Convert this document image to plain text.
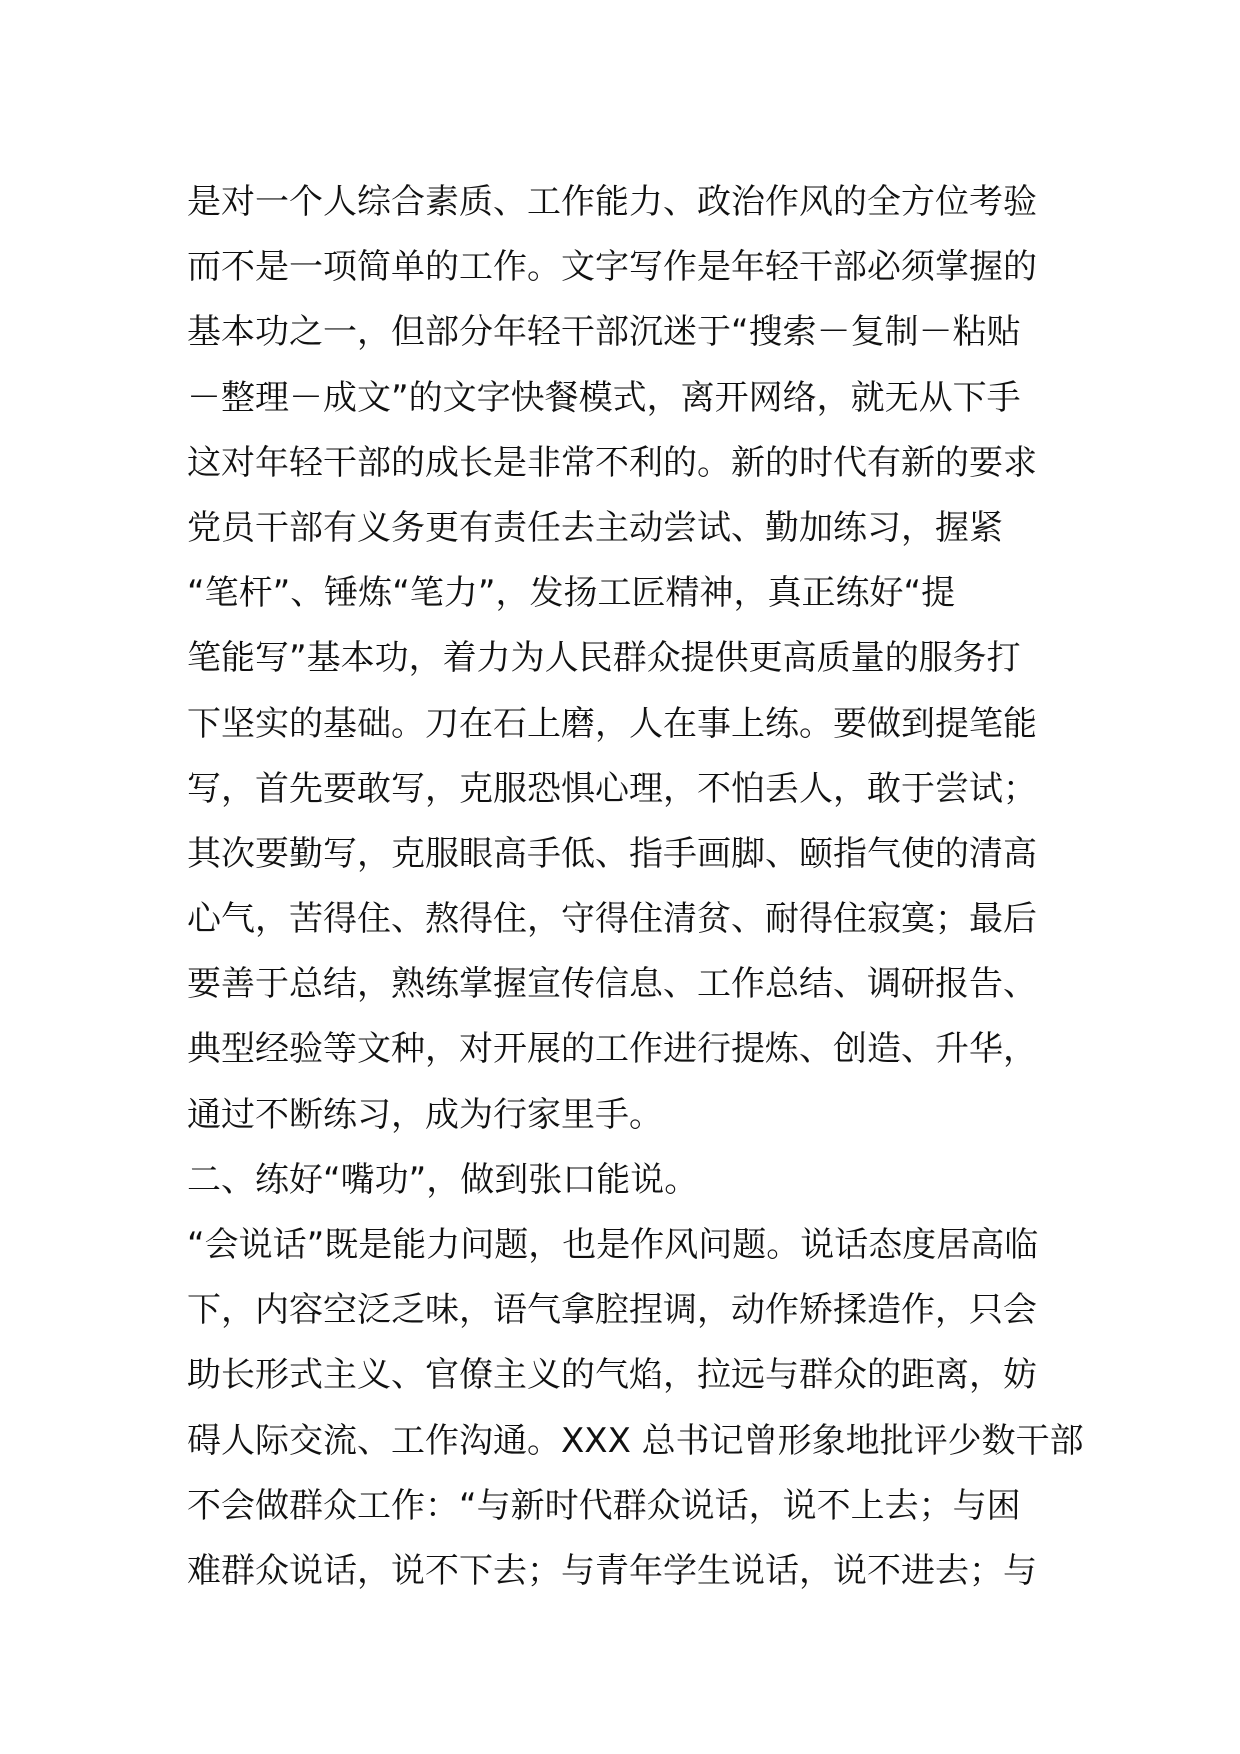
是对一个人综合素质、工作能力、政治作风的全方位考验
而不是一项简单的工作。文字写作是年轻干部必须掌握的
基本功之一，但部分年轻干部沉迷于“搜索－复制－粘贴
－整理－成文”的文字快餐模式，离开网络，就无从下手
这对年轻干部的成长是非常不利的。新的时代有新的要求
党员干部有义务更有责任去主动尝试、勤加练习，握紧
“笔杆”、锤炼“笔力”，发扬工匠精神，真正练好“提
笔能写”基本功，着力为人民群众提供更高质量的服务打
下坚实的基础。刀在石上磨，人在事上练。要做到提笔能
写，首先要敢写，克服恐惧心理，不怕丢人，敢于尝试；
其次要勤写，克服眼高手低、指手画脚、颐指气使的清高
心气，苦得住、熬得住，守得住清贫、耐得住寂寞；最后
要善于总结，熟练掌握宣传信息、工作总结、调研报告、
典型经验等文种，对开展的工作进行提炼、创造、升华，
通过不断练习，成为行家里手。
二、练好“嘴功”，做到张口能说。
“会说话”既是能力问题，也是作风问题。说话态度居高临
下，内容空泛乏味，语气拿腔捏调，动作矫揉造作，只会
助长形式主义、官僚主义的气焰，拉远与群众的距离，妨
碍人际交流、工作沟通。XXX 总书记曾形象地批评少数干部
不会做群众工作：“与新时代群众说话，说不上去；与困
难群众说话，说不下去；与青年学生说话，说不进去；与
